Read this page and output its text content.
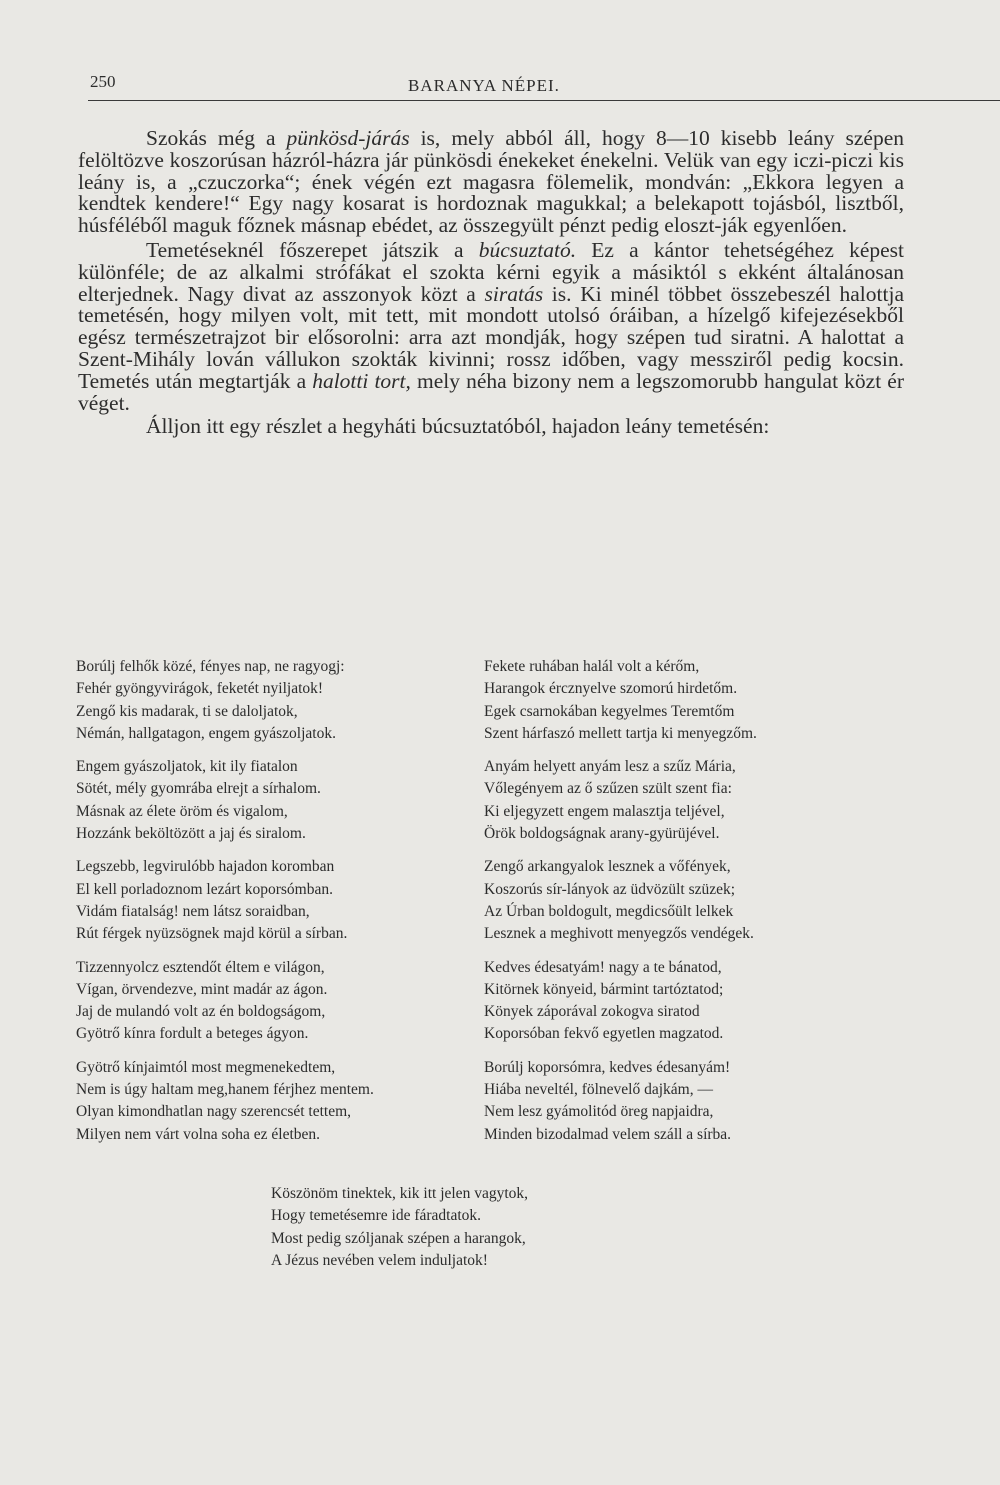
250	BARANYA NÉPEI.

Szokás még a pünkösd-járás is, mely abból áll, hogy 8—10 kisebb leány szépen felöltözve koszorúsan házról-házra jár pünkösdi énekeket énekelni. Velük van egy iczi-piczi kis leány is, a „czuczorka“; ének végén ezt magasra fölemelik, mondván: „Ekkora legyen a kendtek kendere!“ Egy nagy kosarat is hordoznak magukkal; a belekapott tojásból, lisztből, húsféléből maguk főznek másnap ebédet, az összegyült pénzt pedig eloszt-ják egyenlően.

Temetéseknél főszerepet játszik a búcsuztató. Ez a kántor tehetségéhez képest különféle; de az alkalmi strófákat el szokta kérni egyik a másiktól s ekként általánosan elterjednek. Nagy divat az asszonyok közt a siratás is. Ki minél többet összebeszél halottja temetésén, hogy milyen volt, mit tett, mit mondott utolsó óráiban, a hízelgő kifejezésekből egész természetrajzot bir elősorolni: arra azt mondják, hogy szépen tud siratni. A halottat a Szent-Mihály lován vállukon szokták kivinni; rossz időben, vagy messziről pedig kocsin. Temetés után megtartják a halotti tort, mely néha bizony nem a legszomorubb hangulat közt ér véget.

Álljon itt egy részlet a hegyháti búcsuztatóból, hajadon leány temetésén:

Borúlj felhők közé, fényes nap, ne ragyogj:
Fehér gyöngyvirágok, feketét nyiljatok!
Zengő kis madarak, ti se daloljatok,
Némán, hallgatagon, engem gyászoljatok.
Engem gyászoljatok, kit ily fiatalon
Sötét, mély gyomrába elrejt a sírhalom.
Másnak az élete öröm és vigalom,
Hozzánk beköltözött a jaj és siralom.
Legszebb, legvirulóbb hajadon koromban
El kell porladoznom lezárt koporsómban.
Vidám fiatalság! nem látsz soraidban,
Rút férgek nyüzsögnek majd körül a sírban.
Tizzennyolcz esztendőt éltem e világon,
Vígan, örvendezve, mint madár az ágon.
Jaj de mulandó volt az én boldogságom,
Gyötrő kínra fordult a beteges ágyon.
Gyötrő kínjaimtól most megmenekedtem,
Nem is úgy haltam meg,hanem férjhez mentem.
Olyan kimondhatlan nagy szerencsét tettem,
Milyen nem várt volna soha ez életben.
Fekete ruhában halál volt a kérőm,
Harangok ércznyelve szomorú hirdetőm.
Egek csarnokában kegyelmes Teremtőm
Szent hárfaszó mellett tartja ki menyegzőm.
Anyám helyett anyám lesz a szűz Mária,
Vőlegényem az ő szűzen szült szent fia:
Ki eljegyzett engem malasztja teljével,
Örök boldogságnak arany-gyürüjével.
Zengő arkangyalok lesznek a vőfények,
Koszorús sír-lányok az üdvözült szüzek;
Az Úrban boldogult, megdicsőült lelkek
Lesznek a meghivott menyegzős vendégek.
Kedves édesatyám! nagy a te bánatod,
Kitörnek könyeid, bármint tartóztatod;
Könyek záporával zokogva siratod
Koporsóban fekvő egyetlen magzatod.
Borúlj koporsómra, kedves édesanyám!
Hiába neveltél, fölnevelő dajkám, —
Nem lesz gyámolitód öreg napjaidra,
Minden bizodalmad velem száll a sírba.
Köszönöm tinektek, kik itt jelen vagytok,
Hogy temetésemre ide fáradtatok.
Most pedig szóljanak szépen a harangok,
A Jézus nevében velem induljatok!
